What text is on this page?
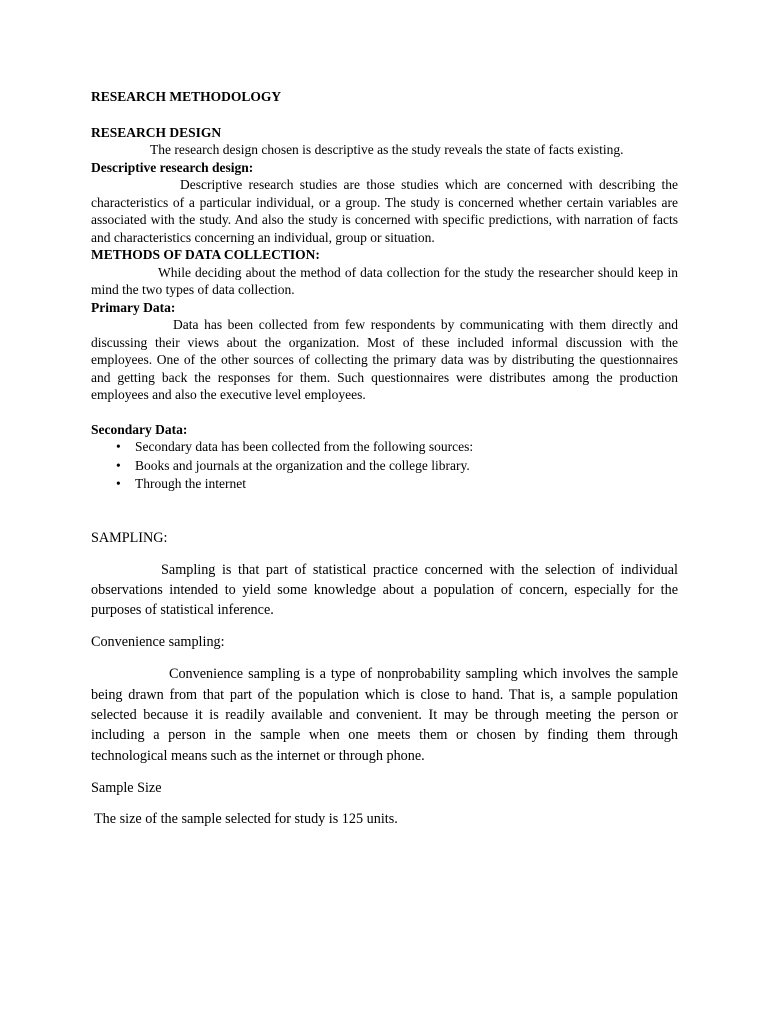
RESEARCH METHODOLOGY

RESEARCH DESIGN

The research design chosen is descriptive as the study reveals the state of facts existing.

Descriptive research design:

Descriptive research studies are those studies which are concerned with describing the characteristics of a particular individual, or a group. The study is concerned whether certain variables are associated with the study. And also the study is concerned with specific predictions, with narration of facts and characteristics concerning an individual, group or situation.

METHODS OF DATA COLLECTION:

While deciding about the method of data collection for the study the researcher should keep in mind the two types of data collection.

Primary Data:

Data has been collected from few respondents by communicating with them directly and discussing their views about the organization. Most of these included informal discussion with the employees. One of the other sources of collecting the primary data was by distributing the questionnaires and getting back the responses for them. Such questionnaires were distributes among the production employees and also the executive level employees.

Secondary Data:

• Secondary data has been collected from the following sources:
• Books and journals at the organization and the college library.
• Through the internet

SAMPLING:

Sampling is that part of statistical practice concerned with the selection of individual observations intended to yield some knowledge about a population of concern, especially for the purposes of statistical inference.

Convenience sampling:

Convenience sampling is a type of nonprobability sampling which involves the sample being drawn from that part of the population which is close to hand. That is, a sample population selected because it is readily available and convenient. It may be through meeting the person or including a person in the sample when one meets them or chosen by finding them through technological means such as the internet or through phone.

Sample Size

The size of the sample selected for study is 125 units.
